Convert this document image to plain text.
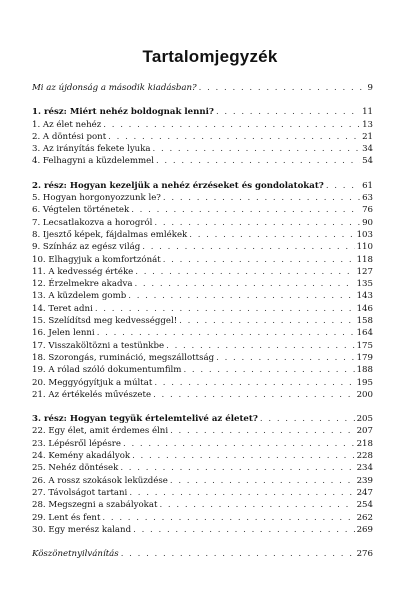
Tartalomjegyzék
Mi az újdonság a második kiadásban? . . .	9
1. rész: Miért nehéz boldognak lenni? . . .	11
1. Az élet nehéz . . .	13
2. A döntési pont . . .	21
3. Az irányítás fekete lyuka . . .	34
4. Felhagyni a küzdelemmel . . .	54
2. rész: Hogyan kezeljük a nehéz érzéseket és gondolatokat? . . .	61
5. Hogyan horgonyozzunk le? . . .	63
6. Végtelen történetek . . .	76
7. Lecsatlakozva a horogról . . .	90
8. Ijesztő képek, fájdalmas emlékek . . .	103
9. Színház az egész világ . . .	110
10. Elhagyjuk a komfortzónát . . .	118
11. A kedvesség értéke . . .	127
12. Érzelmekre akadva . . .	135
13. A küzdelem gomb . . .	143
14. Teret adni . . .	146
15. Szelídítsd meg kedvességgel! . . .	158
16. Jelen lenni . . .	164
17. Visszaköltözni a testünkbe . . .	175
18. Szorongás, rumináció, megszállottság . . .	179
19. A rólad szóló dokumentumfilm . . .	188
20. Meggyógyítjuk a múltat . . .	195
21. Az értékelés művészete . . .	200
3. rész: Hogyan tegyük értelemtelivé az életet? . . .	205
22. Egy élet, amit érdemes élni . . .	207
23. Lépésről lépésre . . .	218
24. Kemény akadályok . . .	228
25. Nehéz döntések . . .	234
26. A rossz szokások leküzdése . . .	239
27. Távolságot tartani . . .	247
28. Megszegni a szabályokat . . .	254
29. Lent és fent . . .	262
30. Egy merész kaland . . .	269
Köszönetnyilvánítás . . .	276
